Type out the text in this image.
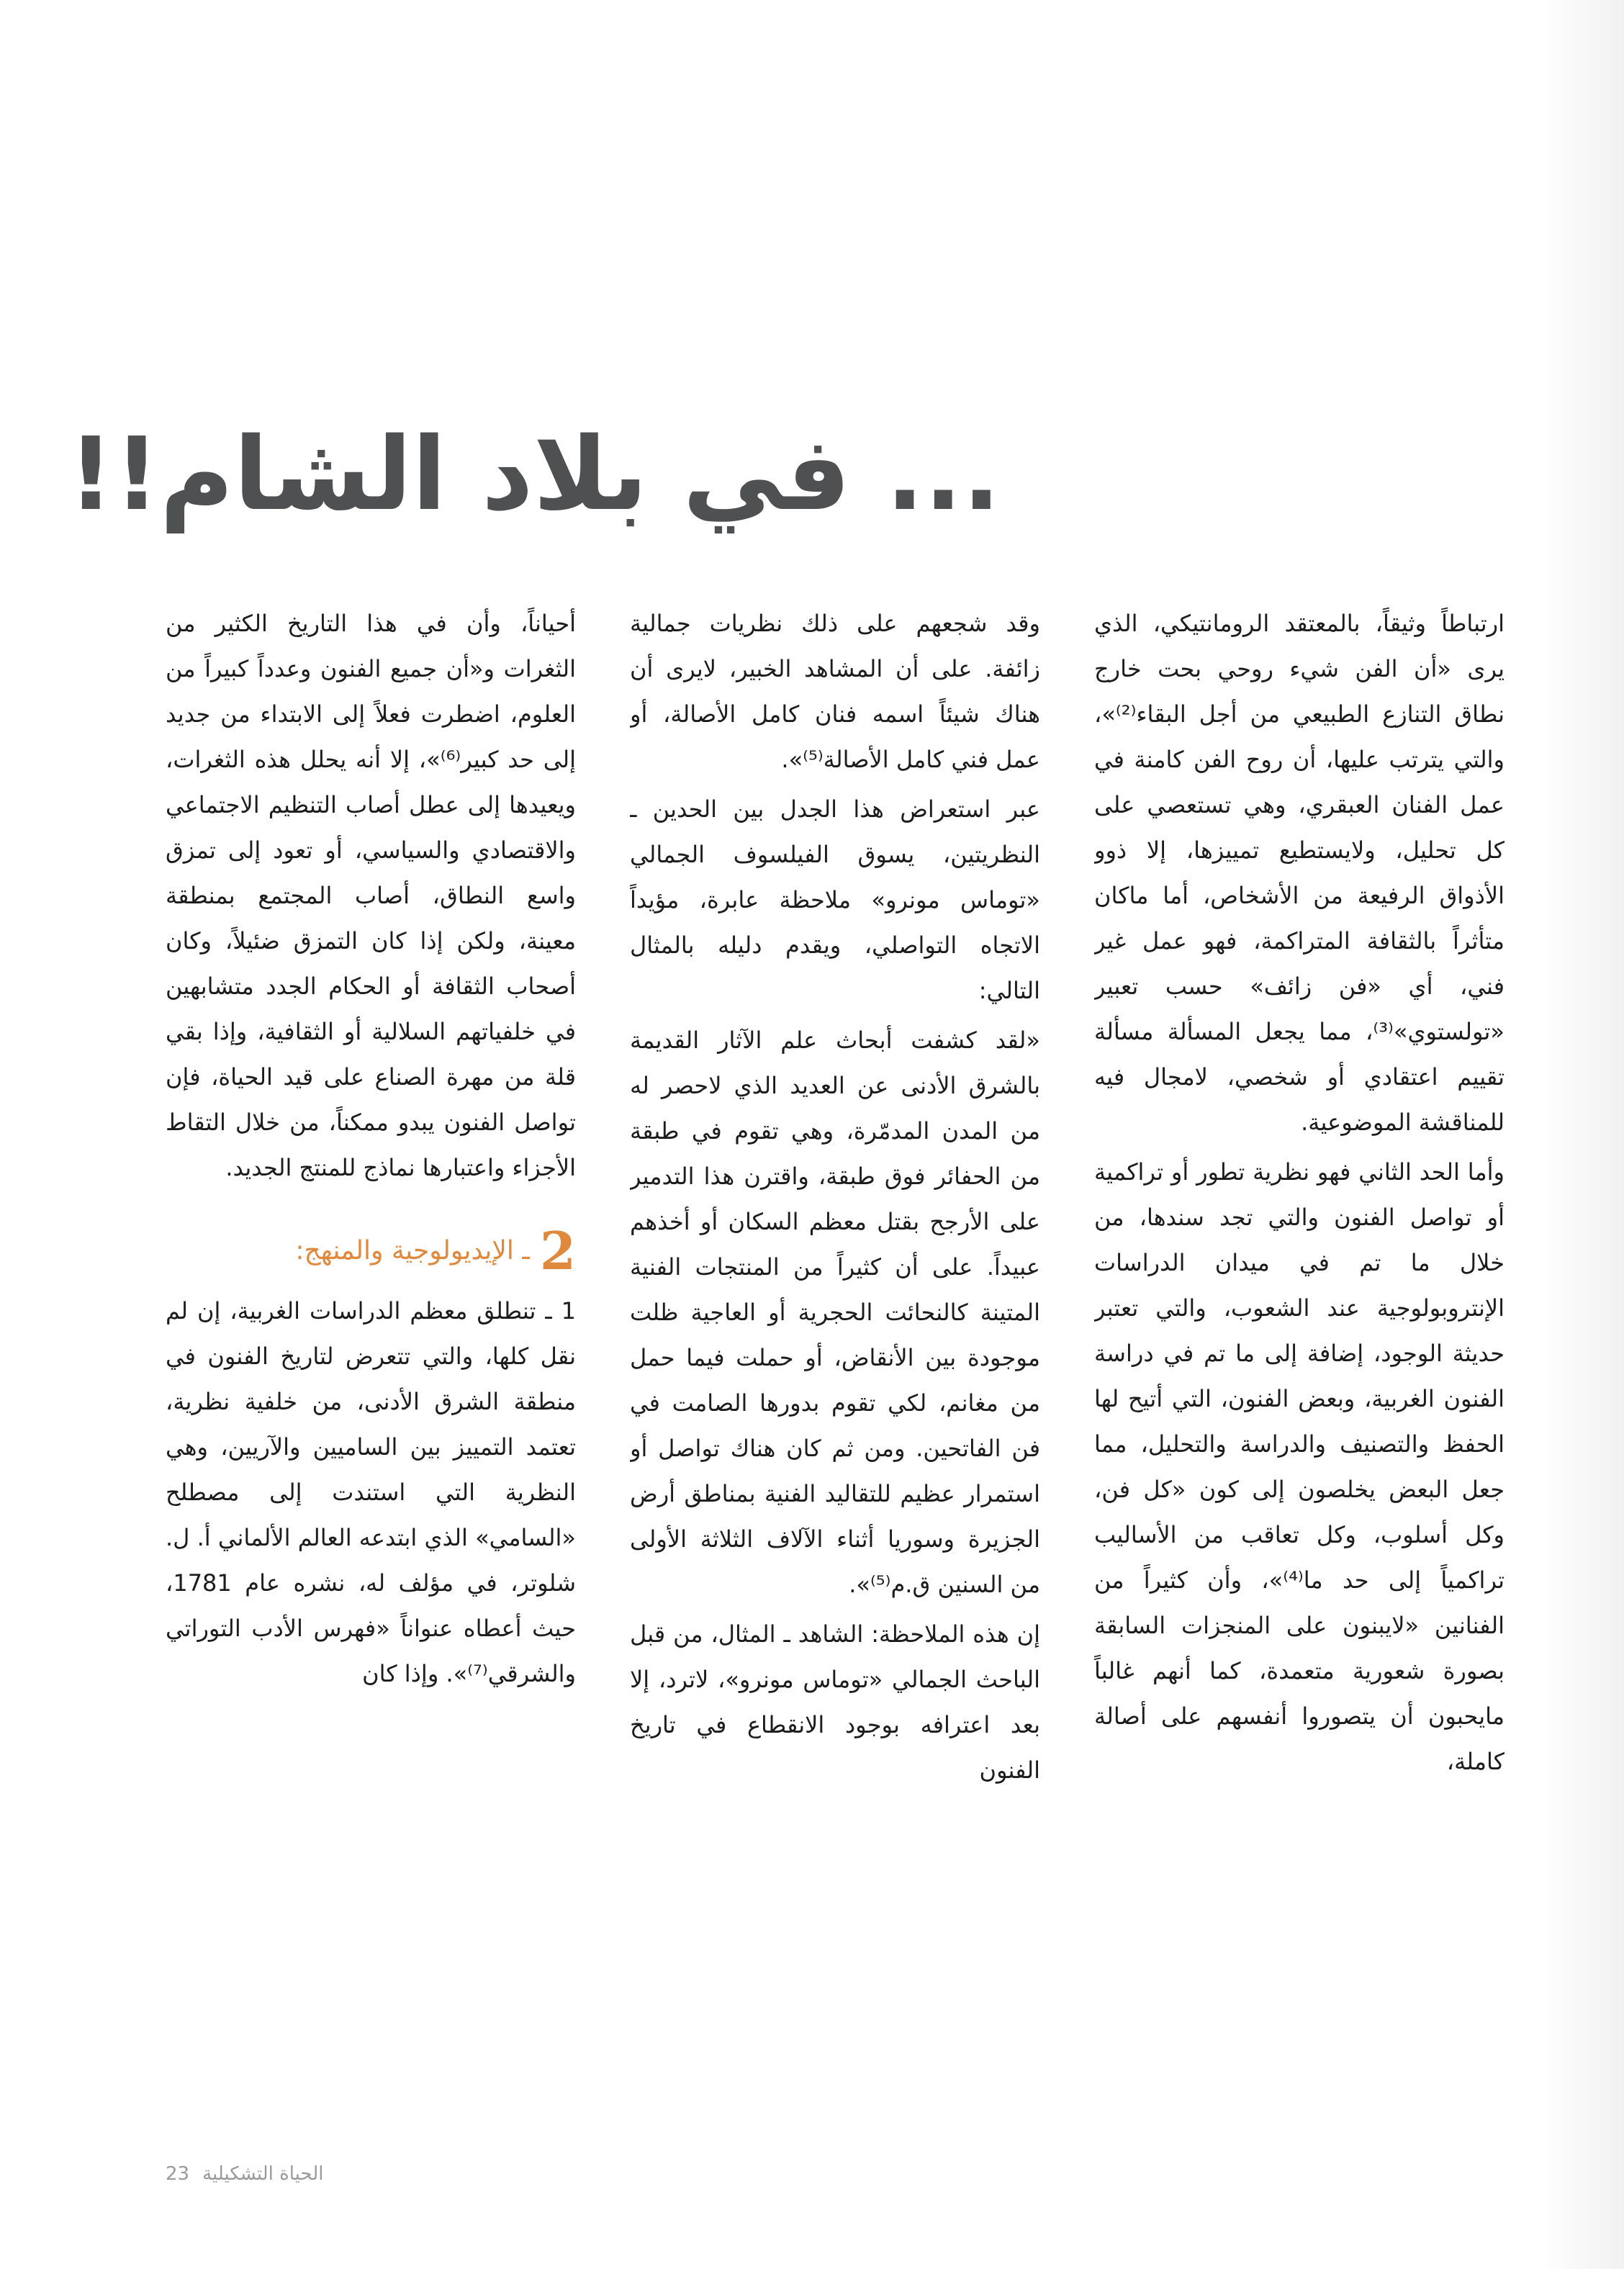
... في بلاد الشام!!

ارتباطاً وثيقاً، بالمعتقد الرومانتيكي، الذي يرى «أن الفن شيء روحي بحت خارج نطاق التنازع الطبيعي من أجل البقاء⁽²⁾»، والتي يترتب عليها، أن روح الفن كامنة في عمل الفنان العبقري، وهي تستعصي على كل تحليل، ولايستطيع تمييزها، إلا ذوو الأذواق الرفيعة من الأشخاص، أما ماكان متأثراً بالثقافة المتراكمة، فهو عمل غير فني، أي «فن زائف» حسب تعبير «تولستوي»⁽³⁾، مما يجعل المسألة مسألة تقييم اعتقادي أو شخصي، لامجال فيه للمناقشة الموضوعية.

وأما الحد الثاني فهو نظرية تطور أو تراكمية أو تواصل الفنون والتي تجد سندها، من خلال ما تم في ميدان الدراسات الإنتروبولوجية عند الشعوب، والتي تعتبر حديثة الوجود، إضافة إلى ما تم في دراسة الفنون الغربية، وبعض الفنون، التي أتيح لها الحفظ والتصنيف والدراسة والتحليل، مما جعل البعض يخلصون إلى كون «كل فن، وكل أسلوب، وكل تعاقب من الأساليب تراكمياً إلى حد ما⁽⁴⁾»، وأن كثيراً من الفنانين «لايبنون على المنجزات السابقة بصورة شعورية متعمدة، كما أنهم غالباً مايحبون أن يتصوروا أنفسهم على أصالة كاملة،

وقد شجعهم على ذلك نظريات جمالية زائفة. على أن المشاهد الخبير، لايرى أن هناك شيئاً اسمه فنان كامل الأصالة، أو عمل فني كامل الأصالة⁽⁵⁾».

عبر استعراض هذا الجدل بين الحدين ـ النظريتين، يسوق الفيلسوف الجمالي «توماس مونرو» ملاحظة عابرة، مؤيداً الاتجاه التواصلي، ويقدم دليله بالمثال التالي:

«لقد كشفت أبحاث علم الآثار القديمة بالشرق الأدنى عن العديد الذي لاحصر له من المدن المدمّرة، وهي تقوم في طبقة من الحفائر فوق طبقة، واقترن هذا التدمير على الأرجح بقتل معظم السكان أو أخذهم عبيداً. على أن كثيراً من المنتجات الفنية المتينة كالنحائت الحجرية أو العاجية ظلت موجودة بين الأنقاض، أو حملت فيما حمل من مغانم، لكي تقوم بدورها الصامت في فن الفاتحين. ومن ثم كان هناك تواصل أو استمرار عظيم للتقاليد الفنية بمناطق أرض الجزيرة وسوريا أثناء الآلاف الثلاثة الأولى من السنين ق.م⁽⁵⁾».

إن هذه الملاحظة: الشاهد ـ المثال، من قبل الباحث الجمالي «توماس مونرو»، لاترد، إلا بعد اعترافه بوجود الانقطاع في تاريخ الفنون

أحياناً، وأن في هذا التاريخ الكثير من الثغرات و«أن جميع الفنون وعدداً كبيراً من العلوم، اضطرت فعلاً إلى الابتداء من جديد إلى حد كبير⁽⁶⁾»، إلا أنه يحلل هذه الثغرات، ويعيدها إلى عطل أصاب التنظيم الاجتماعي والاقتصادي والسياسي، أو تعود إلى تمزق واسع النطاق، أصاب المجتمع بمنطقة معينة، ولكن إذا كان التمزق ضئيلاً، وكان أصحاب الثقافة أو الحكام الجدد متشابهين في خلفياتهم السلالية أو الثقافية، وإذا بقي قلة من مهرة الصناع على قيد الحياة، فإن تواصل الفنون يبدو ممكناً، من خلال التقاط الأجزاء واعتبارها نماذج للمنتج الجديد.

2
ـ الإيديولوجية والمنهج:

1 ـ تنطلق معظم الدراسات الغربية، إن لم نقل كلها، والتي تتعرض لتاريخ الفنون في منطقة الشرق الأدنى، من خلفية نظرية، تعتمد التمييز بين الساميين والآريين، وهي النظرية التي استندت إلى مصطلح «السامي» الذي ابتدعه العالم الألماني أ. ل. شلوتر، في مؤلف له، نشره عام 1781، حيث أعطاه عنواناً «فهرس الأدب التوراتي والشرقي⁽⁷⁾». وإذا كان

23 الحياة التشكيلية
